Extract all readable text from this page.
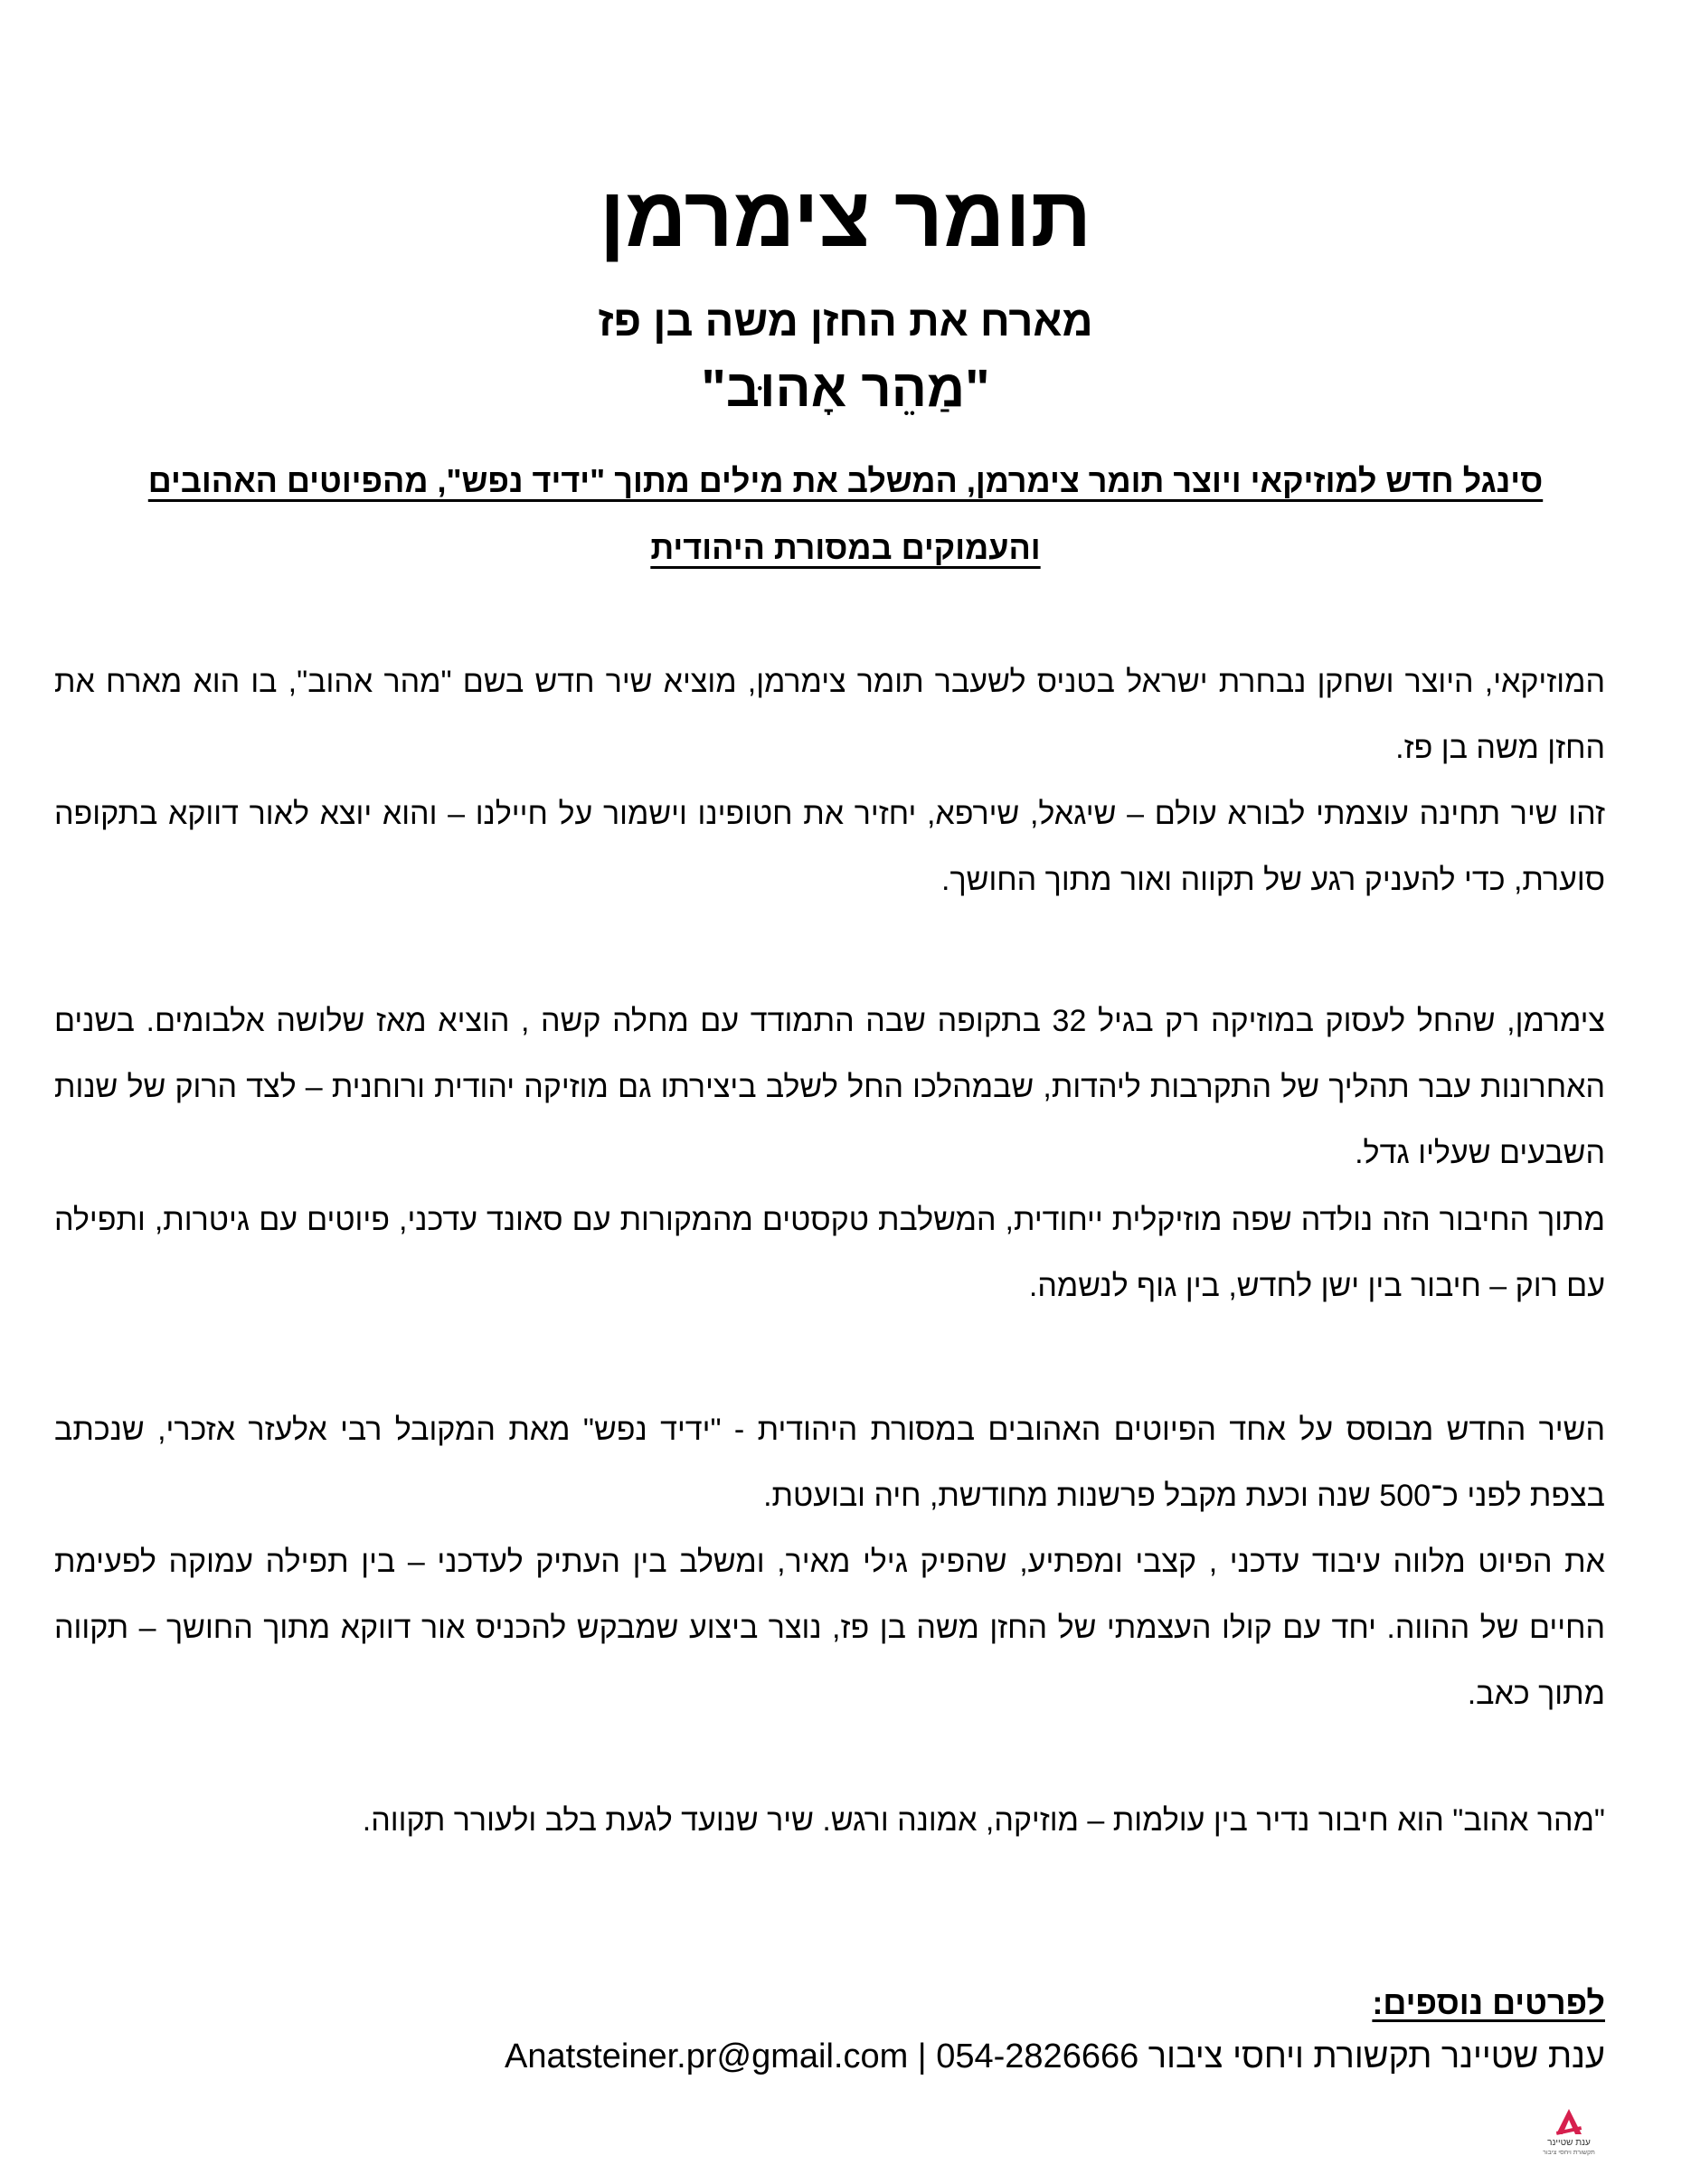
תומר צימרמן
מארח את החזן משה בן פז
"מַהֵר אָהוּב"
סינגל חדש למוזיקאי ויוצר תומר צימרמן, המשלב את מילים מתוך "ידיד נפש", מהפיוטים האהובים והעמוקים במסורת היהודית

המוזיקאי, היוצר ושחקן נבחרת ישראל בטניס לשעבר תומר צימרמן, מוציא שיר חדש בשם "מהר אהוב", בו הוא מארח את החזן משה בן פז.

זהו שיר תחינה עוצמתי לבורא עולם – שיגאל, שירפא, יחזיר את חטופינו וישמור על חיילנו – והוא יוצא לאור דווקא בתקופה סוערת, כדי להעניק רגע של תקווה ואור מתוך החושך.

צימרמן, שהחל לעסוק במוזיקה רק בגיל 32 בתקופה שבה התמודד עם מחלה קשה , הוציא מאז שלושה אלבומים. בשנים האחרונות עבר תהליך של התקרבות ליהדות, שבמהלכו החל לשלב ביצירתו גם מוזיקה יהודית ורוחנית – לצד הרוק של שנות השבעים שעליו גדל.

מתוך החיבור הזה נולדה שפה מוזיקלית ייחודית, המשלבת טקסטים מהמקורות עם סאונד עדכני, פיוטים עם גיטרות, ותפילה עם רוק – חיבור בין ישן לחדש, בין גוף לנשמה.

השיר החדש מבוסס על אחד הפיוטים האהובים במסורת היהודית - "ידיד נפש" מאת המקובל רבי אלעזר אזכרי, שנכתב בצפת לפני כ־500 שנה וכעת מקבל פרשנות מחודשת, חיה ובועטת.

את הפיוט מלווה עיבוד עדכני , קצבי ומפתיע, שהפיק גילי מאיר, ומשלב בין העתיק לעדכני – בין תפילה עמוקה לפעימת החיים של ההווה. יחד עם קולו העצמתי של החזן משה בן פז, נוצר ביצוע שמבקש להכניס אור דווקא מתוך החושך – תקווה מתוך כאב.

"מהר אהוב" הוא חיבור נדיר בין עולמות – מוזיקה, אמונה ורגש. שיר שנועד לגעת בלב ולעורר תקווה.

לפרטים נוספים:
ענת שטיינר תקשורת ויחסי ציבור 054-2826666 | Anatsteiner.pr@gmail.com
ענת שטיינר
תקשורת ויחסי ציבור
